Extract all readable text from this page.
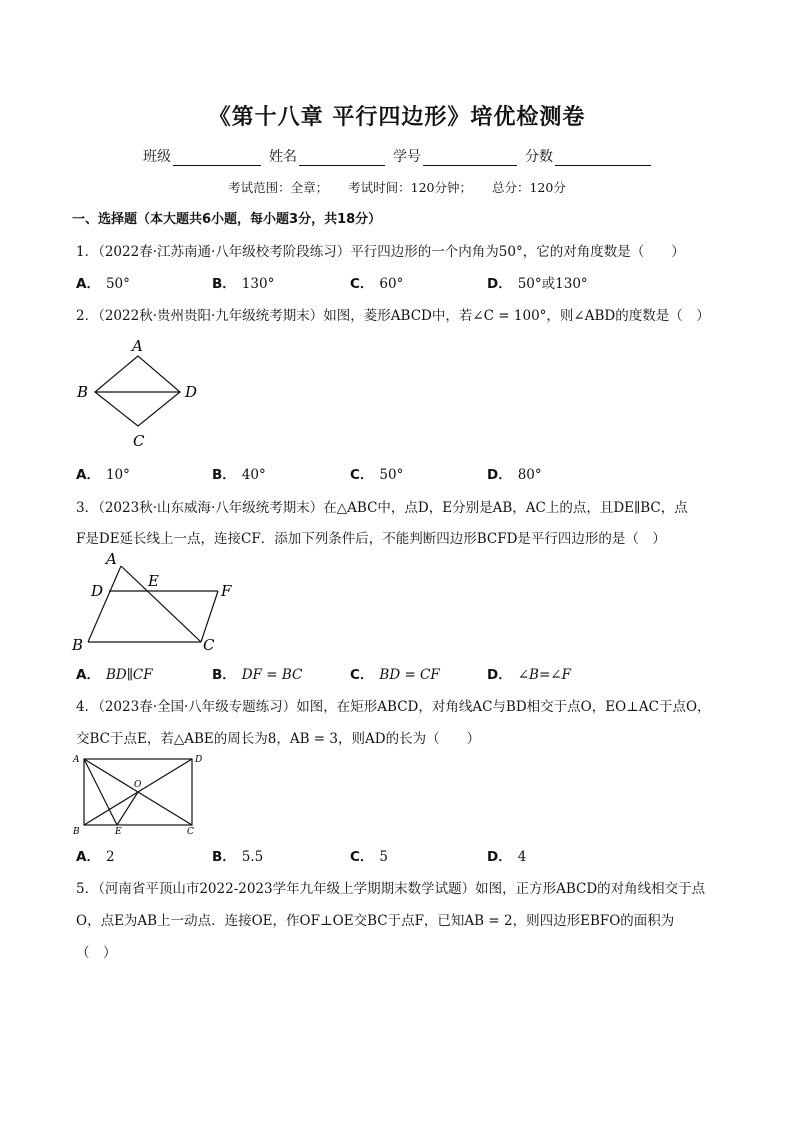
《第十八章 平行四边形》培优检测卷
班级	姓名	学号	分数
考试范围：全章； 考试时间：120分钟； 总分：120分
一、选择题（本大题共6小题，每小题3分，共18分）
1．（2022春·江苏南通·八年级校考阶段练习）平行四边形的一个内角为50°，它的对角度数是（　　）
A． 50°	B． 130°	C． 60°	D． 50°或130°
2．（2022秋·贵州贵阳·九年级统考期末）如图，菱形ABCD中，若∠C = 100°，则∠ABD的度数是（　）
A
B
C
D
A． 10°	B． 40°	C． 50°	D． 80°
3．（2023秋·山东威海·八年级统考期末）在△ABC中，点D，E分别是AB，AC上的点，且DE∥BC，点
F是DE延长线上一点，连接CF．添加下列条件后，不能判断四边形BCFD是平行四边形的是（　）
A
D
E
F
B	C
A． BD∥CF	B． DF = BC	C． BD = CF	D． ∠B=∠F
4．（2023春·全国·八年级专题练习）如图，在矩形ABCD，对角线AC与BD相交于点O，EO⊥AC于点O，
交BC于点E，若△ABE的周长为8，AB = 3，则AD的长为（　　）
A	D
O
B	E	C
A． 2	B． 5.5	C． 5	D． 4
5．（河南省平顶山市2022-2023学年九年级上学期期末数学试题）如图，正方形ABCD的对角线相交于点
O，点E为AB上一动点．连接OE，作OF⊥OE交BC于点F，已知AB = 2，则四边形EBFO的面积为
（　）
